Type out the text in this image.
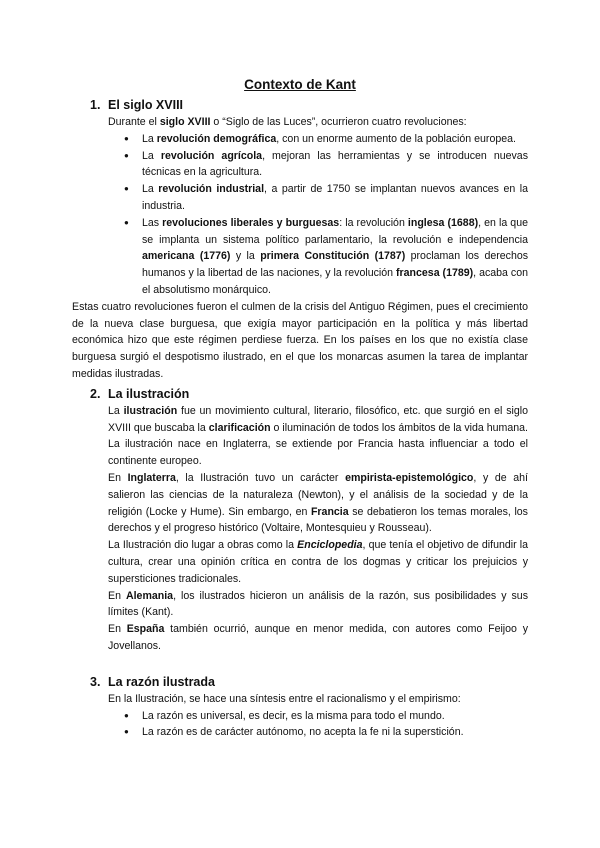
Contexto de Kant
1. El siglo XVIII

Durante el siglo XVIII o “Siglo de las Luces”, ocurrieron cuatro revoluciones:

● La revolución demográfica, con un enorme aumento de la población europea.
● La revolución agrícola, mejoran las herramientas y se introducen nuevas técnicas en la agricultura.
● La revolución industrial, a partir de 1750 se implantan nuevos avances en la industria.
● Las revoluciones liberales y burguesas: la revolución inglesa (1688), en la que se implanta un sistema político parlamentario, la revolución e independencia americana (1776) y la primera Constitución (1787) proclaman los derechos humanos y la libertad de las naciones, y la revolución francesa (1789), acaba con el absolutismo monárquico.

Estas cuatro revoluciones fueron el culmen de la crisis del Antiguo Régimen, pues el crecimiento de la nueva clase burguesa, que exigía mayor participación en la política y más libertad económica hizo que este régimen perdiese fuerza. En los países en los que no existía clase burguesa surgió el despotismo ilustrado, en el que los monarcas asumen la tarea de implantar medidas ilustradas.

2. La ilustración

La ilustración fue un movimiento cultural, literario, filosófico, etc. que surgió en el siglo XVIII que buscaba la clarificación o iluminación de todos los ámbitos de la vida humana. La ilustración nace en Inglaterra, se extiende por Francia hasta influenciar a todo el continente europeo.

En Inglaterra, la Ilustración tuvo un carácter empirista-epistemológico, y de ahí salieron las ciencias de la naturaleza (Newton), y el análisis de la sociedad y de la religión (Locke y Hume). Sin embargo, en Francia se debatieron los temas morales, los derechos y el progreso histórico (Voltaire, Montesquieu y Rousseau).

La Ilustración dio lugar a obras como la Enciclopedia, que tenía el objetivo de difundir la cultura, crear una opinión crítica en contra de los dogmas y criticar los prejuicios y supersticiones tradicionales.

En Alemania, los ilustrados hicieron un análisis de la razón, sus posibilidades y sus límites (Kant).

En España también ocurrió, aunque en menor medida, con autores como Feijoo y Jovellanos.

3. La razón ilustrada

En la Ilustración, se hace una síntesis entre el racionalismo y el empirismo:

● La razón es universal, es decir, es la misma para todo el mundo.
● La razón es de carácter autónomo, no acepta la fe ni la superstición.
